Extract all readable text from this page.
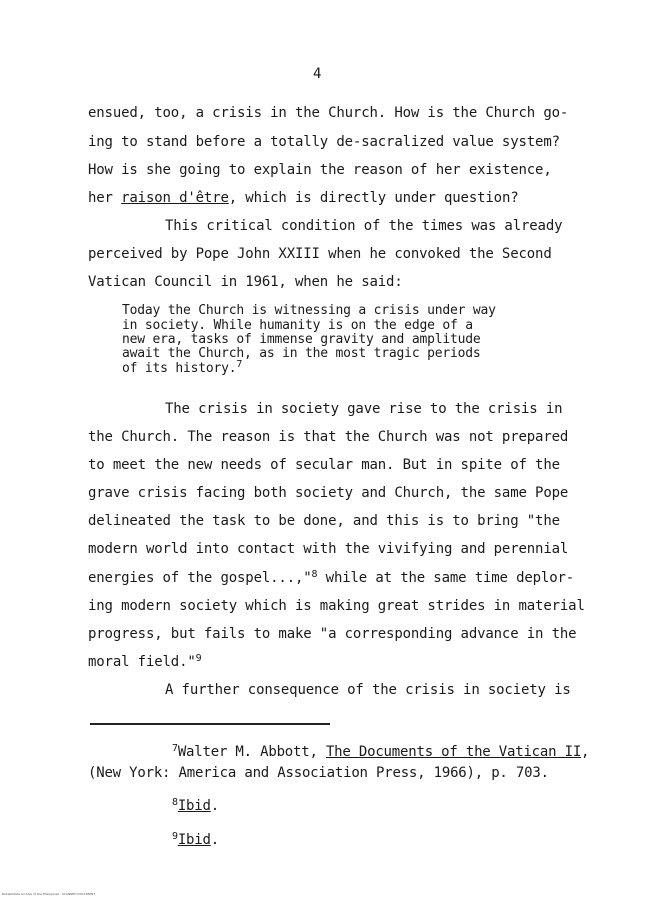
4
ensued, too, a crisis in the Church. How is the Church go-
ing to stand before a totally de-sacralized value system?
How is she going to explain the reason of her existence,
her raison d'être, which is directly under question?
This critical condition of the times was already
perceived by Pope John XXIII when he convoked the Second
Vatican Council in 1961, when he said:
Today the Church is witnessing a crisis under way
in society. While humanity is on the edge of a
new era, tasks of immense gravity and amplitude
await the Church, as in the most tragic periods
of its history.$^7$
The crisis in society gave rise to the crisis in
the Church. The reason is that the Church was not prepared
to meet the new needs of secular man. But in spite of the
grave crisis facing both society and Church, the same Pope
delineated the task to be done, and this is to bring "the
modern world into contact with the vivifying and perennial
energies of the gospel...,"$^8$ while at the same time deplor-
ing modern society which is making great strides in material
progress, but fails to make "a corresponding advance in the
moral field."$^9$
A further consequence of the crisis in society is
$^7$Walter M. Abbott, The Documents of the Vatican II,
(New York: America and Association Press, 1966), p. 703.
$^8$Ibid.
$^9$Ibid.
Rehabilitate Archive of the Philippines · SCANNED DOCUMENT
